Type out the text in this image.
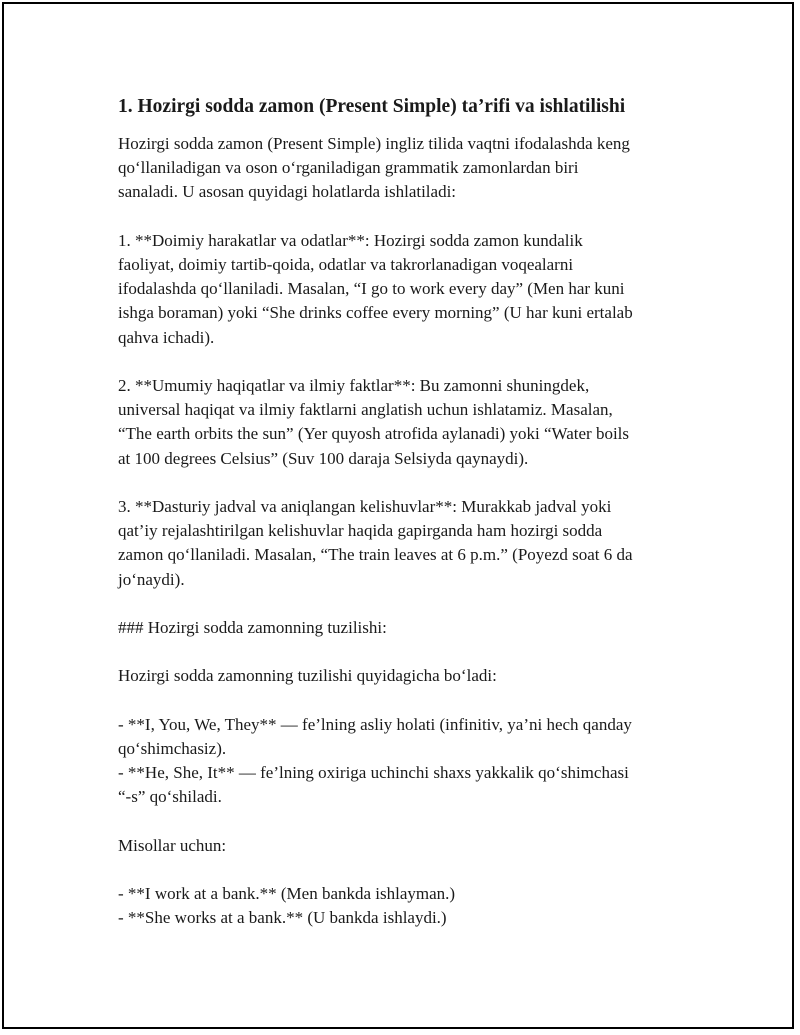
1. Hozirgi sodda zamon (Present Simple) ta’rifi va ishlatilishi
Hozirgi sodda zamon (Present Simple) ingliz tilida vaqtni ifodalashda keng
qo‘llaniladigan va oson o‘rganiladigan grammatik zamonlardan biri
sanaladi. U asosan quyidagi holatlarda ishlatiladi:
1. **Doimiy harakatlar va odatlar**: Hozirgi sodda zamon kundalik
faoliyat, doimiy tartib-qoida, odatlar va takrorlanadigan voqealarni
ifodalashda qo‘llaniladi. Masalan, “I go to work every day” (Men har kuni
ishga boraman) yoki “She drinks coffee every morning” (U har kuni ertalab
qahva ichadi).
2. **Umumiy haqiqatlar va ilmiy faktlar**: Bu zamonni shuningdek,
universal haqiqat va ilmiy faktlarni anglatish uchun ishlatamiz. Masalan,
“The earth orbits the sun” (Yer quyosh atrofida aylanadi) yoki “Water boils
at 100 degrees Celsius” (Suv 100 daraja Selsiyda qaynaydi).
3. **Dasturiy jadval va aniqlangan kelishuvlar**: Murakkab jadval yoki
qat’iy rejalashtirilgan kelishuvlar haqida gapirganda ham hozirgi sodda
zamon qo‘llaniladi. Masalan, “The train leaves at 6 p.m.” (Poyezd soat 6 da
jo‘naydi).
### Hozirgi sodda zamonning tuzilishi:
Hozirgi sodda zamonning tuzilishi quyidagicha bo‘ladi:
- **I, You, We, They** — fe’lning asliy holati (infinitiv, ya’ni hech qanday
qo‘shimchasiz).
- **He, She, It** — fe’lning oxiriga uchinchi shaxs yakkalik qo‘shimchasi
“-s” qo‘shiladi.
Misollar uchun:
- **I work at a bank.** (Men bankda ishlayman.)
- **She works at a bank.** (U bankda ishlaydi.)
